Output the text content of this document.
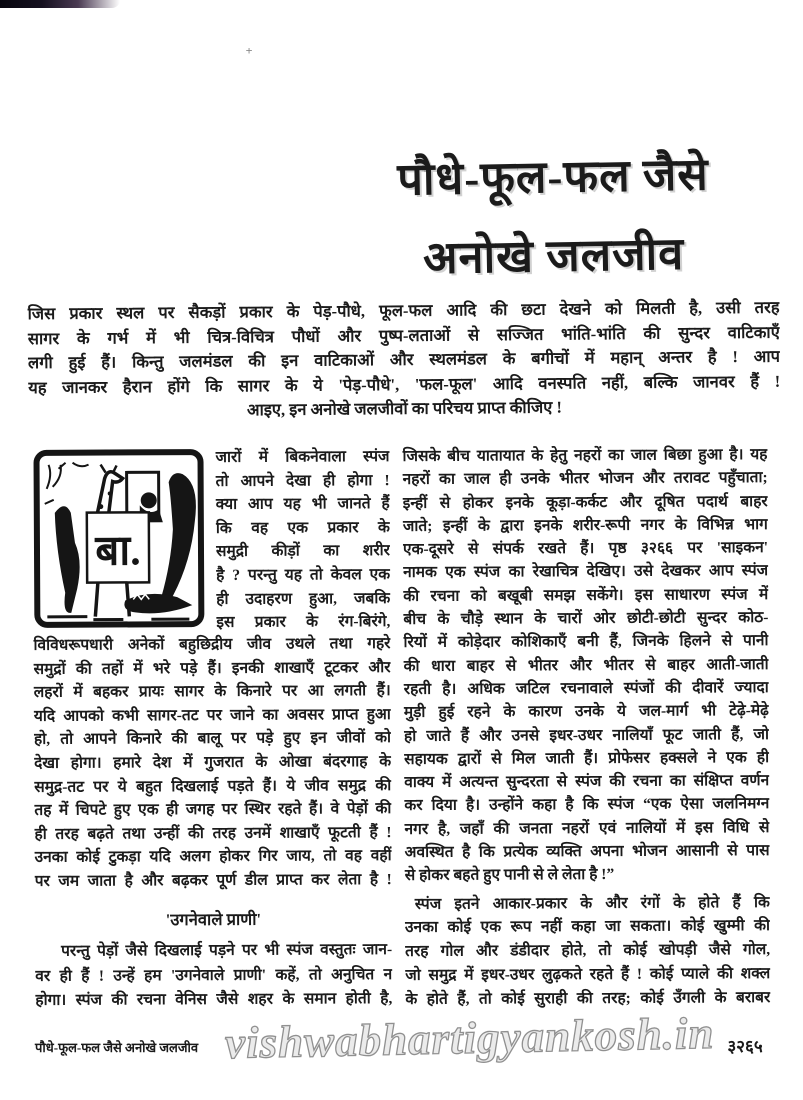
+
पौधे-फूल-फल जैसे
अनोखे जलजीव
जिस प्रकार स्थल पर सैकड़ों प्रकार के पेड़-पौधे, फूल-फल आदि की छटा देखने को मिलती है, उसी तरह
सागर के गर्भ में भी चित्र-विचित्र पौधों और पुष्प-लताओं से सज्जित भांति-भांति की सुन्दर वाटिकाएँ
लगी हुई हैं। किन्तु जलमंडल की इन वाटिकाओं और स्थलमंडल के बगीचों में महान् अन्तर है ! आप
यह जानकर हैरान होंगे कि सागर के ये 'पेड़-पौधे', 'फल-फूल' आदि वनस्पति नहीं, बल्कि जानवर हैं !
आइए, इन अनोखे जलजीवों का परिचय प्राप्त कीजिए !
बा.
जारों में बिकनेवाला स्पंज
तो आपने देखा ही होगा !
क्या आप यह भी जानते हैं
कि वह एक प्रकार के
समुद्री कीड़ों का शरीर
है ? परन्तु यह तो केवल एक
ही उदाहरण हुआ, जबकि
इस प्रकार के रंग-बिरंगे,
विविधरूपधारी अनेकों बहुछिद्रीय जीव उथले तथा गहरे
समुद्रों की तहों में भरे पड़े हैं। इनकी शाखाएँ टूटकर और
लहरों में बहकर प्रायः सागर के किनारे पर आ लगती हैं।
यदि आपको कभी सागर-तट पर जाने का अवसर प्राप्त हुआ
हो, तो आपने किनारे की बालू पर पड़े हुए इन जीवों को
देखा होगा। हमारे देश में गुजरात के ओखा बंदरगाह के
समुद्र-तट पर ये बहुत दिखलाई पड़ते हैं। ये जीव समुद्र की
तह में चिपटे हुए एक ही जगह पर स्थिर रहते हैं। वे पेड़ों की
ही तरह बढ़ते तथा उन्हीं की तरह उनमें शाखाएँ फूटती हैं !
उनका कोई टुकड़ा यदि अलग होकर गिर जाय, तो वह वहीं
पर जम जाता है और बढ़कर पूर्ण डील प्राप्त कर लेता है !
'उगनेवाले प्राणी'
परन्तु पेड़ों जैसे दिखलाई पड़ने पर भी स्पंज वस्तुतः जान-
वर ही हैं ! उन्हें हम 'उगनेवाले प्राणी' कहें, तो अनुचित न
होगा। स्पंज की रचना वेनिस जैसे शहर के समान होती है,
जिसके बीच यातायात के हेतु नहरों का जाल बिछा हुआ है। यह
नहरों का जाल ही उनके भीतर भोजन और तरावट पहुँचाता;
इन्हीं से होकर इनके कूड़ा-कर्कट और दूषित पदार्थ बाहर
जाते; इन्हीं के द्वारा इनके शरीर-रूपी नगर के विभिन्न भाग
एक-दूसरे से संपर्क रखते हैं। पृष्ठ ३२६६ पर 'साइकन'
नामक एक स्पंज का रेखाचित्र देखिए। उसे देखकर आप स्पंज
की रचना को बखूबी समझ सकेंगे। इस साधारण स्पंज में
बीच के चौड़े स्थान के चारों ओर छोटी-छोटी सुन्दर कोठ-
रियों में कोड़ेदार कोशिकाएँ बनी हैं, जिनके हिलने से पानी
की धारा बाहर से भीतर और भीतर से बाहर आती-जाती
रहती है। अधिक जटिल रचनावाले स्पंजों की दीवारें ज्यादा
मुड़ी हुई रहने के कारण उनके ये जल-मार्ग भी टेढ़े-मेढ़े
हो जाते हैं और उनसे इधर-उधर नालियाँ फूट जाती हैं, जो
सहायक द्वारों से मिल जाती हैं। प्रोफेसर हक्सले ने एक ही
वाक्य में अत्यन्त सुन्दरता से स्पंज की रचना का संक्षिप्त वर्णन
कर दिया है। उन्होंने कहा है कि स्पंज “एक ऐसा जलनिमग्न
नगर है, जहाँ की जनता नहरों एवं नालियों में इस विधि से
अवस्थित है कि प्रत्येक व्यक्ति अपना भोजन आसानी से पास
से होकर बहते हुए पानी से ले लेता है !”
स्पंज इतने आकार-प्रकार के और रंगों के होते हैं कि
उनका कोई एक रूप नहीं कहा जा सकता। कोई खुम्मी की
तरह गोल और डंडीदार होते, तो कोई खोपड़ी जैसे गोल,
जो समुद्र में इधर-उधर लुढ़कते रहते हैं ! कोई प्याले की शक्ल
के होते हैं, तो कोई सुराही की तरह; कोई उँगली के बराबर
पौधे-फूल-फल जैसे अनोखे जलजीव	३२६५
vishwabhartigyankosh.in
